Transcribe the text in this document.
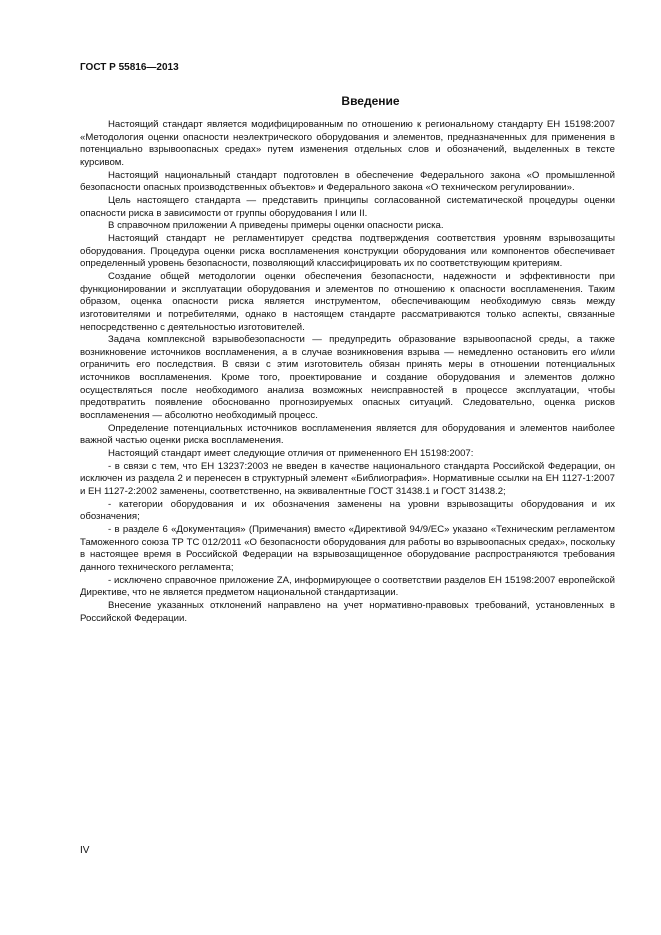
ГОСТ Р 55816—2013
Введение

Настоящий стандарт является модифицированным по отношению к региональному стандарту ЕН 15198:2007 «Методология оценки опасности неэлектрического оборудования и элементов, предназначенных для применения в потенциально взрывоопасных средах» путем изменения отдельных слов и обозначений, выделенных в тексте курсивом.

Настоящий национальный стандарт подготовлен в обеспечение Федерального закона «О промышленной безопасности опасных производственных объектов» и Федерального закона «О техническом регулировании».

Цель настоящего стандарта — представить принципы согласованной систематической процедуры оценки опасности риска в зависимости от группы оборудования I или II.

В справочном приложении А приведены примеры оценки опасности риска.

Настоящий стандарт не регламентирует средства подтверждения соответствия уровням взрывозащиты оборудования. Процедура оценки риска воспламенения конструкции оборудования или компонентов обеспечивает определенный уровень безопасности, позволяющий классифицировать их по соответствующим критериям.

Создание общей методологии оценки обеспечения безопасности, надежности и эффективности при функционировании и эксплуатации оборудования и элементов по отношению к опасности воспламенения. Таким образом, оценка опасности риска является инструментом, обеспечивающим необходимую связь между изготовителями и потребителями, однако в настоящем стандарте рассматриваются только аспекты, связанные непосредственно с деятельностью изготовителей.

Задача комплексной взрывобезопасности — предупредить образование взрывоопасной среды, а также возникновение источников воспламенения, а в случае возникновения взрыва — немедленно остановить его и/или ограничить его последствия. В связи с этим изготовитель обязан принять меры в отношении потенциальных источников воспламенения. Кроме того, проектирование и создание оборудования и элементов должно осуществляться после необходимого анализа возможных неисправностей в процессе эксплуатации, чтобы предотвратить появление обоснованно прогнозируемых опасных ситуаций. Следовательно, оценка рисков воспламенения — абсолютно необходимый процесс.

Определение потенциальных источников воспламенения является для оборудования и элементов наиболее важной частью оценки риска воспламенения.

Настоящий стандарт имеет следующие отличия от примененного ЕН 15198:2007:

- в связи с тем, что ЕН 13237:2003 не введен в качестве национального стандарта Российской Федерации, он исключен из раздела 2 и перенесен в структурный элемент «Библиография». Нормативные ссылки на ЕН 1127-1:2007 и ЕН 1127-2:2002 заменены, соответственно, на эквивалентные ГОСТ 31438.1 и ГОСТ 31438.2;

- категории оборудования и их обозначения заменены на уровни взрывозащиты оборудования и их обозначения;

- в разделе 6 «Документация» (Примечания) вместо «Директивой 94/9/ЕС» указано «Техническим регламентом Таможенного союза ТР ТС 012/2011 «О безопасности оборудования для работы во взрывоопасных средах», поскольку в настоящее время в Российской Федерации на взрывозащищенное оборудование распространяются требования данного технического регламента;

- исключено справочное приложение ZA, информирующее о соответствии разделов ЕН 15198:2007 европейской Директиве, что не является предметом национальной стандартизации.

Внесение указанных отклонений направлено на учет нормативно-правовых требований, установленных в Российской Федерации.

IV
